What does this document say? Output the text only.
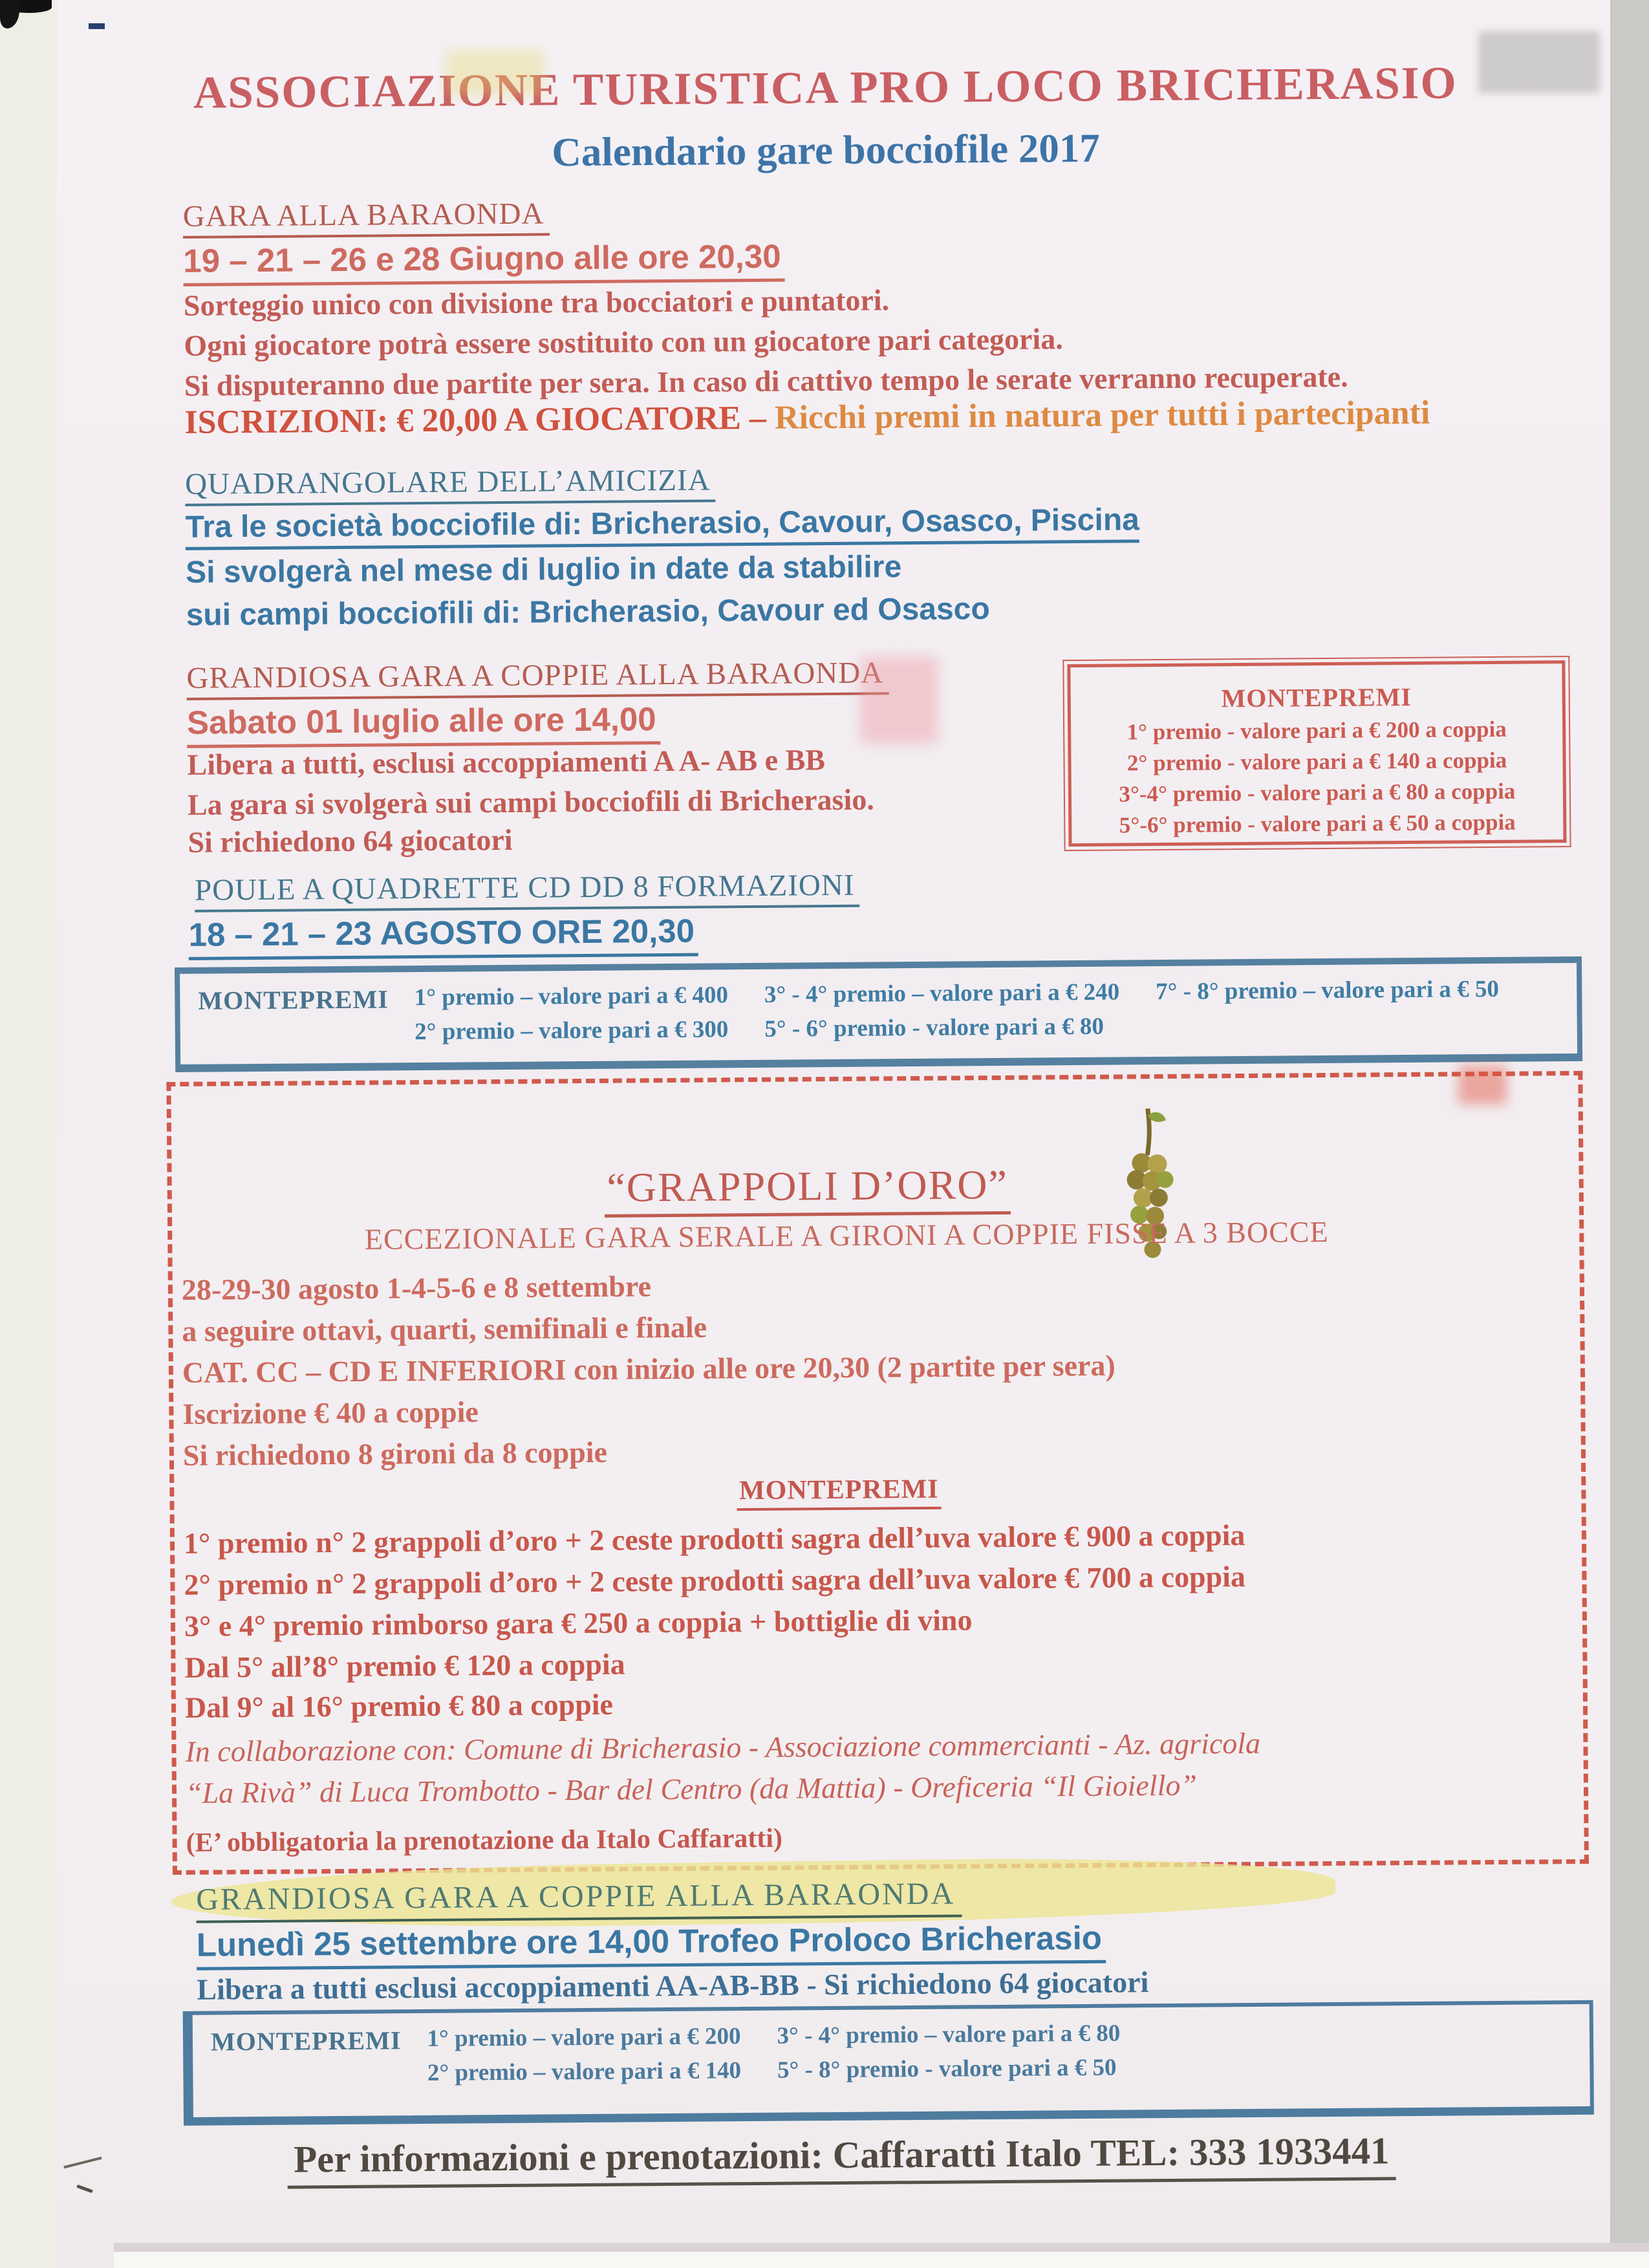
ASSOCIAZIONE TURISTICA PRO LOCO BRICHERASIO
Calendario gare bocciofile 2017
GARA ALLA BARAONDA
19 – 21 – 26 e 28 Giugno alle ore 20,30
Sorteggio unico con divisione tra bocciatori e puntatori.
Ogni giocatore potrà essere sostituito con un giocatore pari categoria.
Si disputeranno due partite per sera. In caso di cattivo tempo le serate verranno recuperate.
ISCRIZIONI: € 20,00 A GIOCATORE – Ricchi premi in natura per tutti i partecipanti
QUADRANGOLARE DELL’AMICIZIA
Tra le società bocciofile di: Bricherasio, Cavour, Osasco, Piscina
Si svolgerà nel mese di luglio in date da stabilire
sui campi bocciofili di: Bricherasio, Cavour ed Osasco
GRANDIOSA GARA A COPPIE ALLA BARAONDA
Sabato 01 luglio alle ore 14,00
Libera a tutti, esclusi accoppiamenti A A- AB e BB
La gara si svolgerà sui campi bocciofili di Bricherasio.
Si richiedono 64 giocatori
MONTEPREMI
1° premio - valore pari a € 200 a coppia
2° premio - valore pari a € 140 a coppia
3°-4° premio - valore pari a € 80 a coppia
5°-6° premio - valore pari a € 50 a coppia
POULE A QUADRETTE CD DD 8 FORMAZIONI
18 – 21 – 23 AGOSTO ORE 20,30
MONTEPREMI 1° premio – valore pari a € 400
2° premio – valore pari a € 300
3° - 4° premio – valore pari a € 240
5° - 6° premio - valore pari a € 80
7° - 8° premio – valore pari a € 50
“GRAPPOLI D’ORO”
ECCEZIONALE GARA SERALE A GIRONI A COPPIE FISSE A 3 BOCCE
28-29-30 agosto 1-4-5-6 e 8 settembre
a seguire ottavi, quarti, semifinali e finale
CAT. CC – CD E INFERIORI con inizio alle ore 20,30 (2 partite per sera)
Iscrizione € 40 a coppie
Si richiedono 8 gironi da 8 coppie
MONTEPREMI
1° premio n° 2 grappoli d’oro + 2 ceste prodotti sagra dell’uva valore € 900 a coppia
2° premio n° 2 grappoli d’oro + 2 ceste prodotti sagra dell’uva valore € 700 a coppia
3° e 4° premio rimborso gara € 250 a coppia + bottiglie di vino
Dal 5° all’8° premio € 120 a coppia
Dal 9° al 16° premio € 80 a coppie
In collaborazione con: Comune di Bricherasio - Associazione commercianti - Az. agricola
“La Rivà” di Luca Trombotto - Bar del Centro (da Mattia) - Oreficeria “Il Gioiello”
(E’ obbligatoria la prenotazione da Italo Caffaratti)
GRANDIOSA GARA A COPPIE ALLA BARAONDA
Lunedì 25 settembre ore 14,00 Trofeo Proloco Bricherasio
Libera a tutti esclusi accoppiamenti AA-AB-BB - Si richiedono 64 giocatori
MONTEPREMI 1° premio – valore pari a € 200
2° premio – valore pari a € 140
3° - 4° premio – valore pari a € 80
5° - 8° premio - valore pari a € 50
Per informazioni e prenotazioni: Caffaratti Italo TEL: 333 1933441
